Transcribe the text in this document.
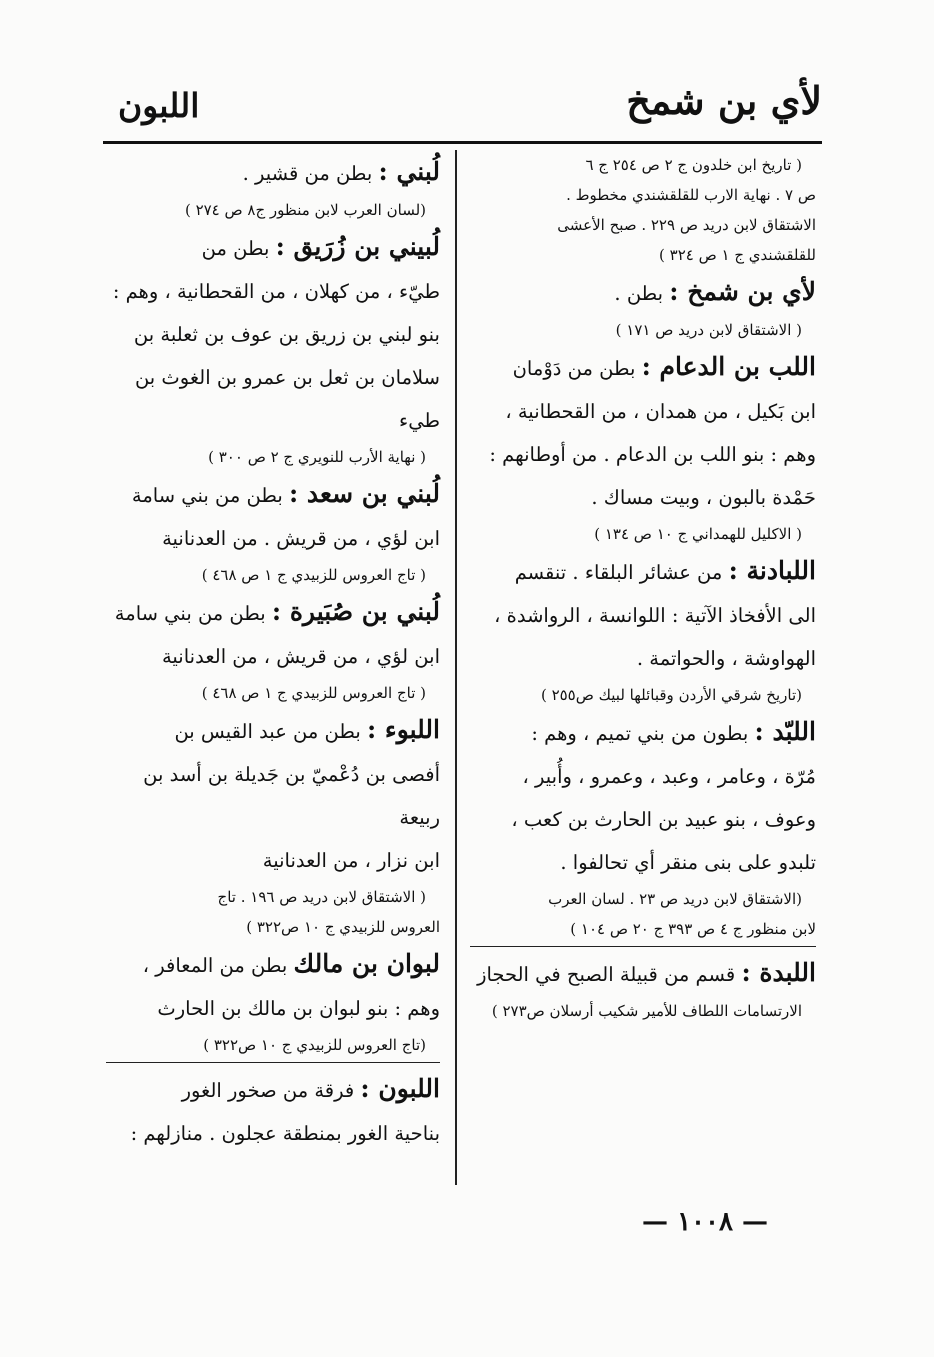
لأي بن شمخ
اللبون
( تاريخ ابن خلدون ج ٢ ص ٢٥٤ ج ٦
ص ٧ . نهاية الارب للقلقشندي مخطوط .
الاشتقاق لابن دريد ص ٢٢٩ . صبح الأعشى
للقلقشندي ج ١ ص ٣٢٤ )
لأي بن شمخ : بطن .
( الاشتقاق لابن دريد ص ١٧١ )
اللب بن الدعام : بطن من دَوْمان
ابن بَكيل ، من همدان ، من القحطانية ،
وهم : بنو اللب بن الدعام . من أوطانهم :
حَمْدة بالبون ، وبيت مساك .
( الاكليل للهمداني ج ١٠ ص ١٣٤ )
اللبادنة : من عشائر البلقاء . تنقسم
الى الأفخاذ الآتية : اللوانسة ، الرواشدة ،
الهواوشة ، والحواتمة .
(تاريخ شرقي الأردن وقبائلها لبيك ص٢٥٥ )
اللبّد : بطون من بني تميم ، وهم :
مُرّة ، وعامر ، وعبد ، وعمرو ، وأُبير ،
وعوف ، بنو عبيد بن الحارث بن كعب ،
تلبدو على بنى منقر أي تحالفوا .
(الاشتقاق لابن دريد ص ٢٣ . لسان العرب
لابن منظور ج ٤ ص ٣٩٣ ج ٢٠ ص ١٠٤ )
اللبدة : قسم من قبيلة الصبح في الحجاز
الارتسامات اللطاف للأمير شكيب أرسلان ص٢٧٣ )
لُبني : بطن من قشير .
(لسان العرب لابن منظور ج٨ ص ٢٧٤ )
لُبيني بن زُرَيق : بطن من
طيّء ، من كهلان ، من القحطانية ، وهم :
بنو لبني بن زريق بن عوف بن ثعلبة بن
سلامان بن ثعل بن عمرو بن الغوث بن طيء
( نهاية الأرب للنويري ج ٢ ص ٣٠٠ )
لُبني بن سعد : بطن من بني سامة
ابن لؤي ، من قريش . من العدنانية
( تاج العروس للزبيدي ج ١ ص ٤٦٨ )
لُبني بن صُبَيرة : بطن من بني سامة
ابن لؤي ، من قريش ، من العدنانية
( تاج العروس للزبيدي ج ١ ص ٤٦٨ )
اللبوء : بطن من عبد القيس بن
أفصى بن دُعْميّ بن جَديلة بن أسد بن ربيعة
ابن نزار ، من العدنانية
( الاشتقاق لابن دريد ص ١٩٦ . تاج
العروس للزبيدي ج ١٠ ص٣٢٢ )
لبوان بن مالك بطن من المعافر ،
وهم : بنو لبوان بن مالك بن الحارث
(تاج العروس للزبيدي ج ١٠ ص٣٢٢ )
اللبون : فرقة من صخور الغور
بناحية الغور بمنطقة عجلون . منازلهم :
— ١٠٠٨ —
